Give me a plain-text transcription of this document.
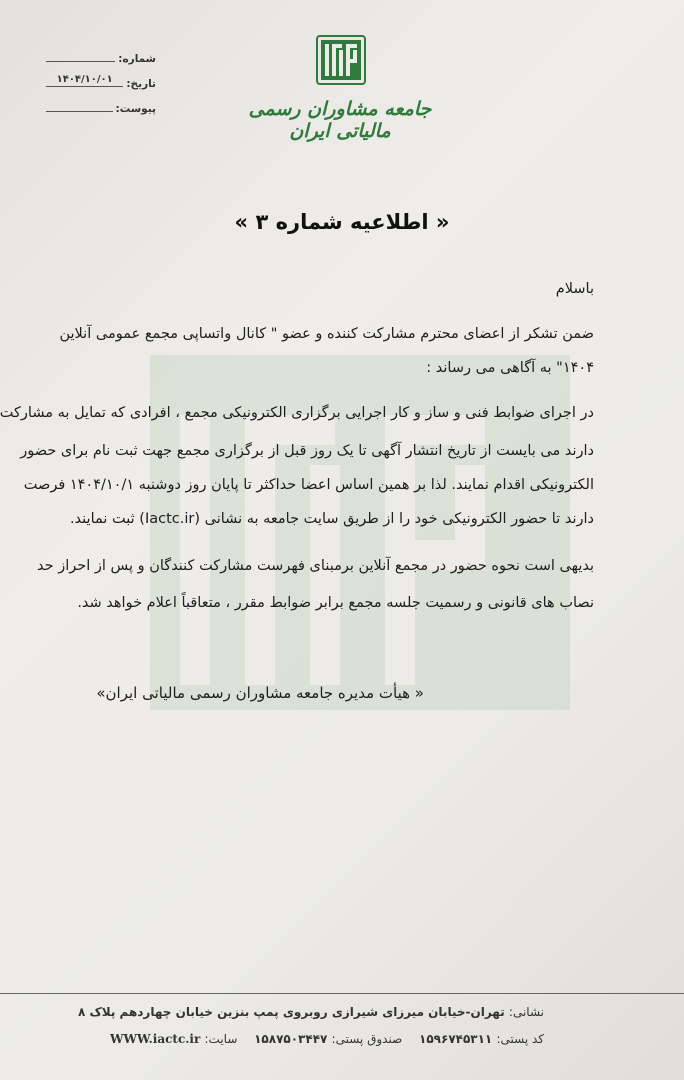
شماره:
تاریخ:
۱۴۰۴/۱۰/۰۱
پیوست:	جامعه مشاوران رسمی مالیاتی ایران
« اطلاعیه شماره ۳ »
باسلام
ضمن تشکر از اعضای محترم مشارکت کننده و عضو " کانال واتساپی مجمع عمومی آنلاین
۱۴۰۴" به آگاهی می رساند :
در اجرای ضوابط فنی و ساز و کار اجرایی برگزاری الکترونیکی مجمع ، افرادی که تمایل به مشارکت
دارند می بایست از تاریخ انتشار آگهی تا یک روز قبل از برگزاری مجمع جهت ثبت نام برای حضور
الکترونیکی اقدام نمایند. لذا بر همین اساس اعضا حداکثر تا پایان روز دوشنبه ۱۴۰۴/۱۰/۱ فرصت
دارند تا حضور الکترونیکی خود را از طریق سایت جامعه به نشانی (Iactc.ir) ثبت نمایند.
بدیهی است نحوه حضور در مجمع آنلاین برمبنای فهرست مشارکت کنندگان و پس از احراز حد
نصاب های قانونی و رسمیت جلسه مجمع برابر ضوابط مقرر ، متعاقباً اعلام خواهد شد.
« هیأت مدیره جامعه مشاوران رسمی مالیاتی ایران»
نشانی: تهران-خیابان میرزای شیرازی روبروی پمپ بنزین خیابان چهاردهم پلاک ۸
کد پستی: ۱۵۹۶۷۴۵۳۱۱    صندوق پستی: ۱۵۸۷۵۰۳۴۴۷    سایت: WWW.iactc.ir
